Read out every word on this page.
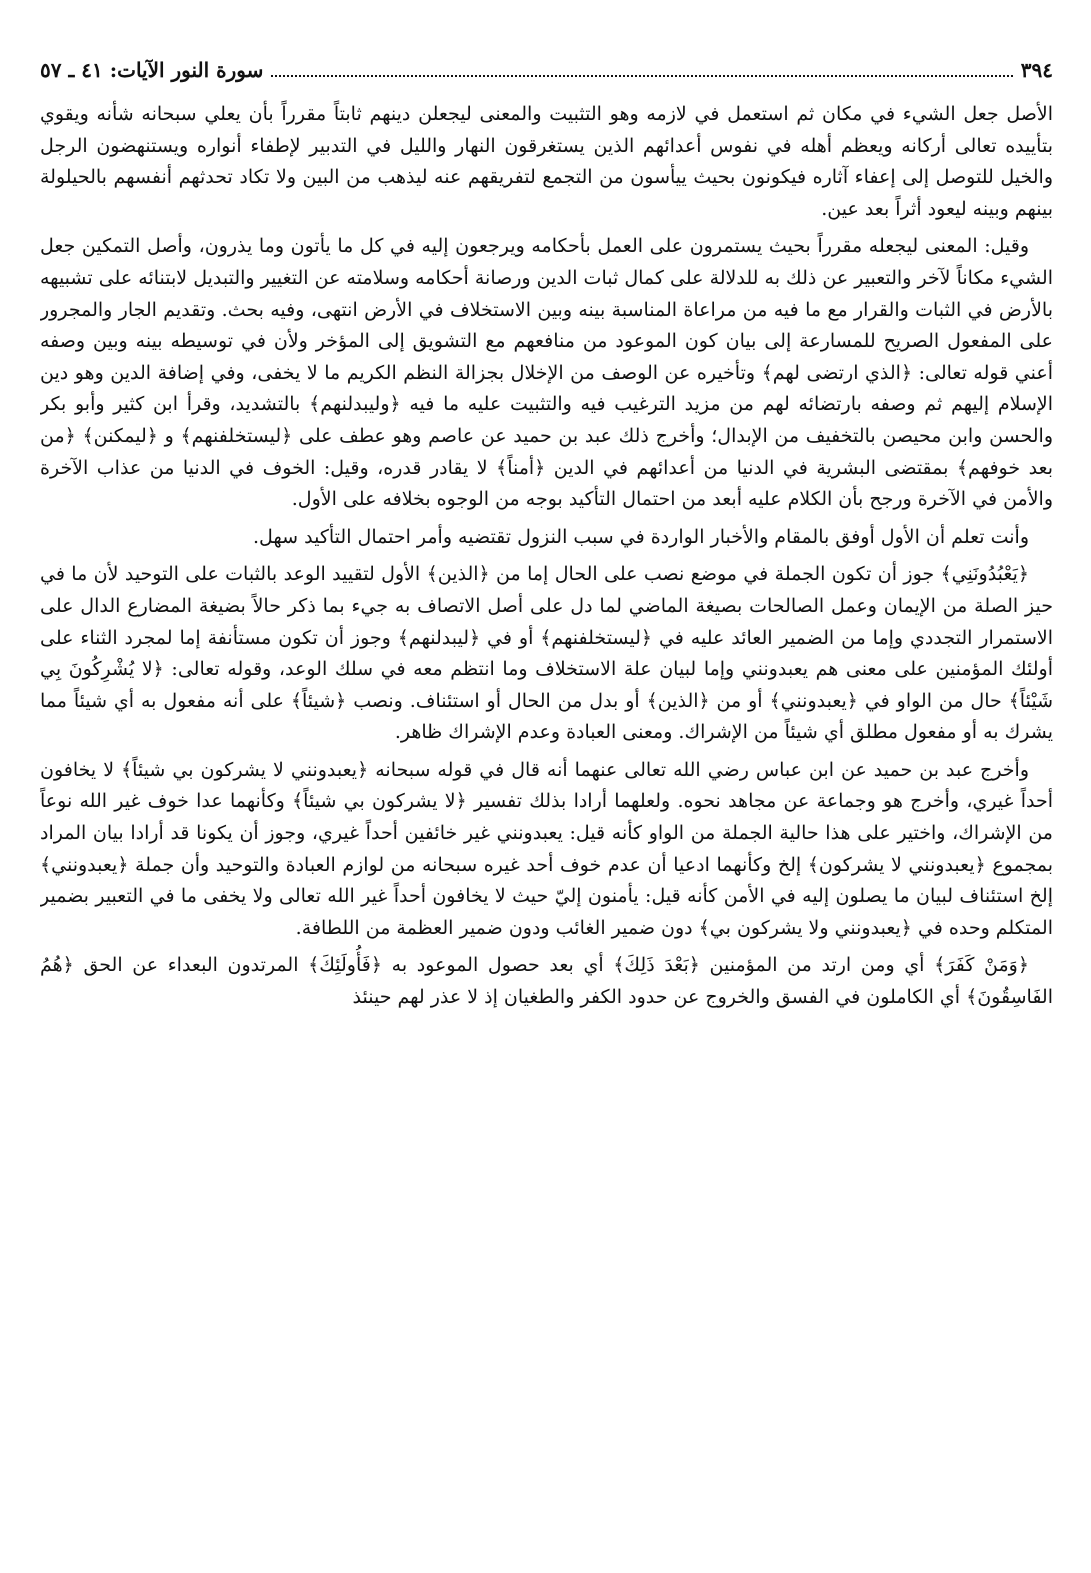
٣٩٤
سورة النور الآيات: ٤١ ـ ٥٧

الأصل جعل الشيء في مكان ثم استعمل في لازمه وهو التثبيت والمعنى ليجعلن دينهم ثابتاً مقرراً بأن يعلي سبحانه شأنه ويقوي بتأييده تعالى أركانه ويعظم أهله في نفوس أعدائهم الذين يستغرقون النهار والليل في التدبير لإطفاء أنواره ويستنهضون الرجل والخيل للتوصل إلى إعفاء آثاره فيكونون بحيث ييأسون من التجمع لتفريقهم عنه ليذهب من البين ولا تكاد تحدثهم أنفسهم بالحيلولة بينهم وبينه ليعود أثراً بعد عين.

وقيل: المعنى ليجعله مقرراً بحيث يستمرون على العمل بأحكامه ويرجعون إليه في كل ما يأتون وما يذرون، وأصل التمكين جعل الشيء مكاناً لآخر والتعبير عن ذلك به للدلالة على كمال ثبات الدين ورصانة أحكامه وسلامته عن التغيير والتبديل لابتنائه على تشبيهه بالأرض في الثبات والقرار مع ما فيه من مراعاة المناسبة بينه وبين الاستخلاف في الأرض انتهى، وفيه بحث. وتقديم الجار والمجرور على المفعول الصريح للمسارعة إلى بيان كون الموعود من منافعهم مع التشويق إلى المؤخر ولأن في توسيطه بينه وبين وصفه أعني قوله تعالى: ﴿الذي ارتضى لهم﴾ وتأخيره عن الوصف من الإخلال بجزالة النظم الكريم ما لا يخفى، وفي إضافة الدين وهو دين الإسلام إليهم ثم وصفه بارتضائه لهم من مزيد الترغيب فيه والتثبيت عليه ما فيه ﴿وليبدلنهم﴾ بالتشديد، وقرأ ابن كثير وأبو بكر والحسن وابن محيصن بالتخفيف من الإبدال؛ وأخرج ذلك عبد بن حميد عن عاصم وهو عطف على ﴿ليستخلفنهم﴾ و ﴿ليمكنن﴾ ﴿من بعد خوفهم﴾ بمقتضى البشرية في الدنيا من أعدائهم في الدين ﴿أمناً﴾ لا يقادر قدره، وقيل: الخوف في الدنيا من عذاب الآخرة والأمن في الآخرة ورجح بأن الكلام عليه أبعد من احتمال التأكيد بوجه من الوجوه بخلافه على الأول.

وأنت تعلم أن الأول أوفق بالمقام والأخبار الواردة في سبب النزول تقتضيه وأمر احتمال التأكيد سهل.

﴿يَعْبُدُونَنِي﴾ جوز أن تكون الجملة في موضع نصب على الحال إما من ﴿الذين﴾ الأول لتقييد الوعد بالثبات على التوحيد لأن ما في حيز الصلة من الإيمان وعمل الصالحات بصيغة الماضي لما دل على أصل الاتصاف به جيء بما ذكر حالاً بضيغة المضارع الدال على الاستمرار التجددي وإما من الضمير العائد عليه في ﴿ليستخلفنهم﴾ أو في ﴿ليبدلنهم﴾ وجوز أن تكون مستأنفة إما لمجرد الثناء على أولئك المؤمنين على معنى هم يعبدونني وإما لبيان علة الاستخلاف وما انتظم معه في سلك الوعد، وقوله تعالى: ﴿لا يُشْرِكُونَ بِي شَيْئاً﴾ حال من الواو في ﴿يعبدونني﴾ أو من ﴿الذين﴾ أو بدل من الحال أو استئناف. ونصب ﴿شيئاً﴾ على أنه مفعول به أي شيئاً مما يشرك به أو مفعول مطلق أي شيئاً من الإشراك. ومعنى العبادة وعدم الإشراك ظاهر.

وأخرج عبد بن حميد عن ابن عباس رضي الله تعالى عنهما أنه قال في قوله سبحانه ﴿يعبدونني لا يشركون بي شيئاً﴾ لا يخافون أحداً غيري، وأخرج هو وجماعة عن مجاهد نحوه. ولعلهما أرادا بذلك تفسير ﴿لا يشركون بي شيئاً﴾ وكأنهما عدا خوف غير الله نوعاً من الإشراك، واختير على هذا حالية الجملة من الواو كأنه قيل: يعبدونني غير خائفين أحداً غيري، وجوز أن يكونا قد أرادا بيان المراد بمجموع ﴿يعبدونني لا يشركون﴾ إلخ وكأنهما ادعيا أن عدم خوف أحد غيره سبحانه من لوازم العبادة والتوحيد وأن جملة ﴿يعبدونني﴾ إلخ استئناف لبيان ما يصلون إليه في الأمن كأنه قيل: يأمنون إليّ حيث لا يخافون أحداً غير الله تعالى ولا يخفى ما في التعبير بضمير المتكلم وحده في ﴿يعبدونني ولا يشركون بي﴾ دون ضمير الغائب ودون ضمير العظمة من اللطافة.

﴿وَمَنْ كَفَرَ﴾ أي ومن ارتد من المؤمنين ﴿بَعْدَ ذَلِكَ﴾ أي بعد حصول الموعود به ﴿فَأُولَئِكَ﴾ المرتدون البعداء عن الحق ﴿هُمُ الفَاسِقُونَ﴾ أي الكاملون في الفسق والخروج عن حدود الكفر والطغيان إذ لا عذر لهم حينئذ
